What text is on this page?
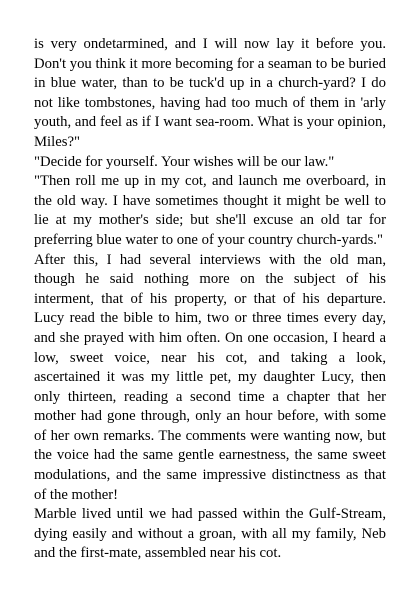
is very ondetarmined, and I will now lay it before you. Don't you think it more becoming for a seaman to be buried in blue water, than to be tuck'd up in a church-yard? I do not like tombstones, having had too much of them in 'arly youth, and feel as if I want sea-room. What is your opinion, Miles?"

"Decide for yourself. Your wishes will be our law."

"Then roll me up in my cot, and launch me overboard, in the old way. I have sometimes thought it might be well to lie at my mother's side; but she'll excuse an old tar for preferring blue water to one of your country church-yards."

After this, I had several interviews with the old man, though he said nothing more on the subject of his interment, that of his property, or that of his departure. Lucy read the bible to him, two or three times every day, and she prayed with him often. On one occasion, I heard a low, sweet voice, near his cot, and taking a look, ascertained it was my little pet, my daughter Lucy, then only thirteen, reading a second time a chapter that her mother had gone through, only an hour before, with some of her own remarks. The comments were wanting now, but the voice had the same gentle earnestness, the same sweet modulations, and the same impressive distinctness as that of the mother!

Marble lived until we had passed within the Gulf-Stream, dying easily and without a groan, with all my family, Neb and the first-mate, assembled near his cot.
